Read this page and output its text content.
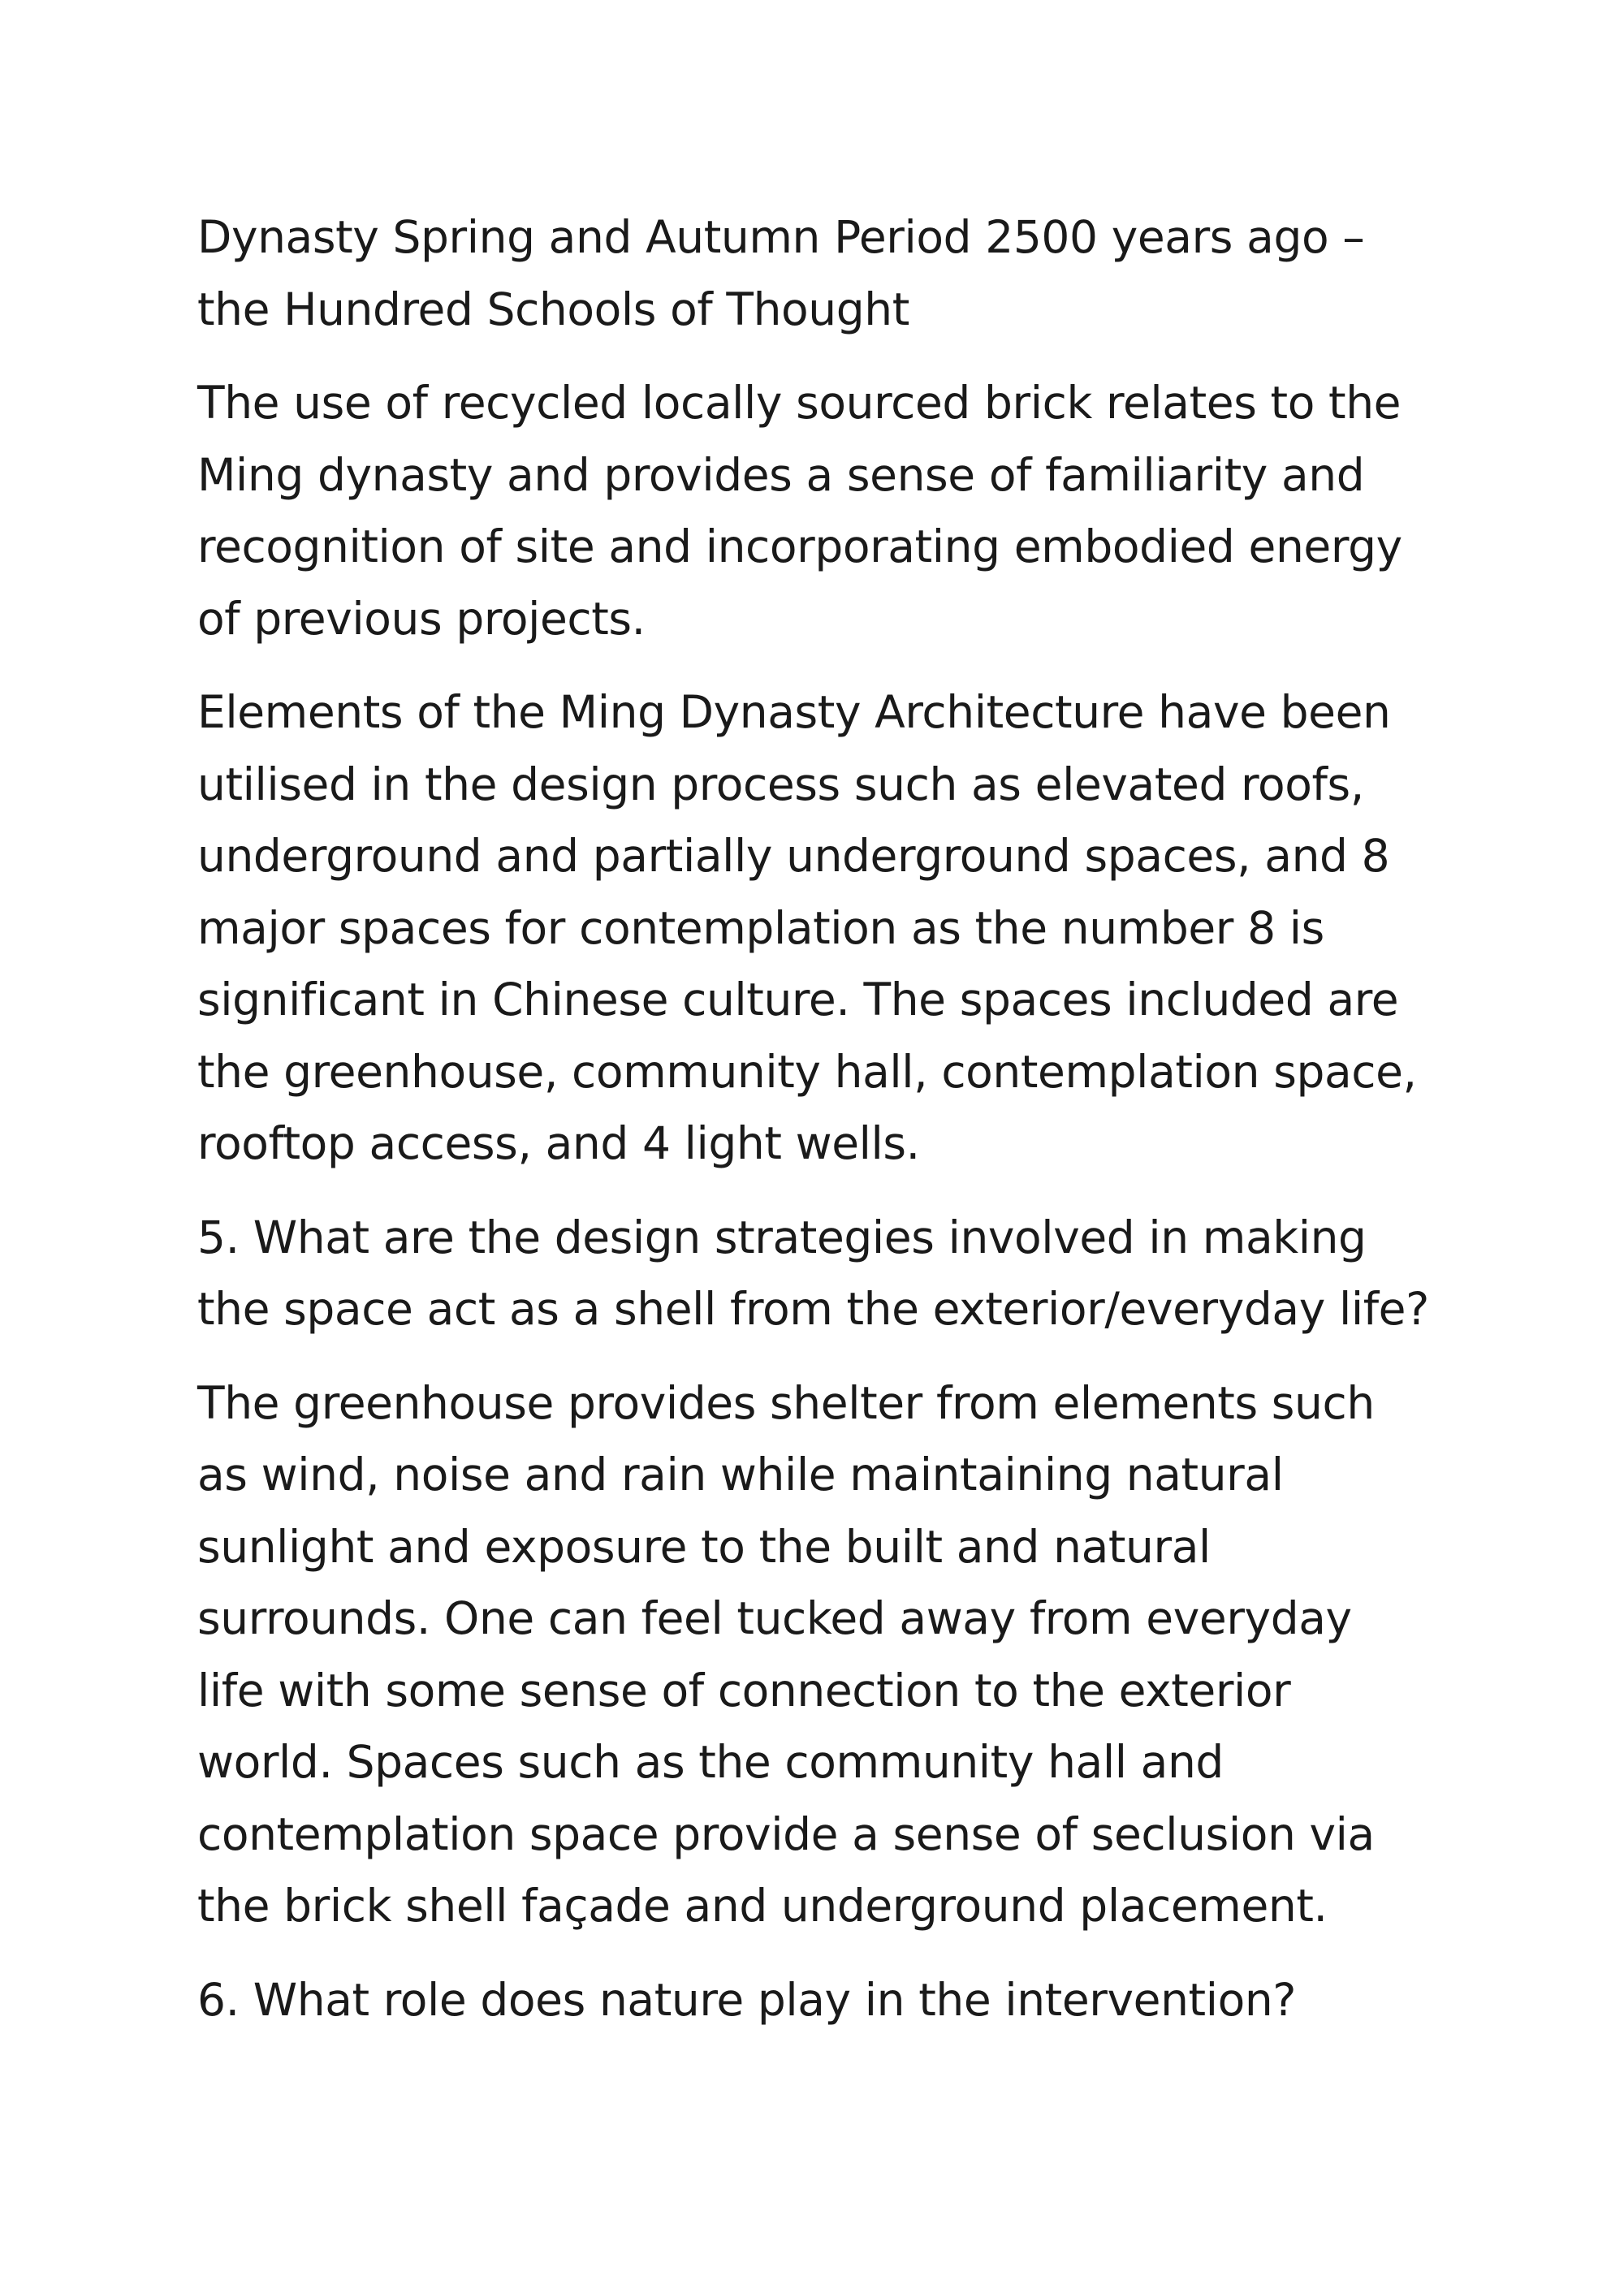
Dynasty Spring and Autumn Period 2500 years ago –
the Hundred Schools of Thought

The use of recycled locally sourced brick relates to the
Ming dynasty and provides a sense of familiarity and
recognition of site and incorporating embodied energy
of previous projects.

Elements of the Ming Dynasty Architecture have been
utilised in the design process such as elevated roofs,
underground and partially underground spaces, and 8
major spaces for contemplation as the number 8 is
significant in Chinese culture. The spaces included are
the greenhouse, community hall, contemplation space,
rooftop access, and 4 light wells.

5. What are the design strategies involved in making
the space act as a shell from the exterior/everyday life?

The greenhouse provides shelter from elements such
as wind, noise and rain while maintaining natural
sunlight and exposure to the built and natural
surrounds. One can feel tucked away from everyday
life with some sense of connection to the exterior
world. Spaces such as the community hall and
contemplation space provide a sense of seclusion via
the brick shell façade and underground placement.

6. What role does nature play in the intervention?
